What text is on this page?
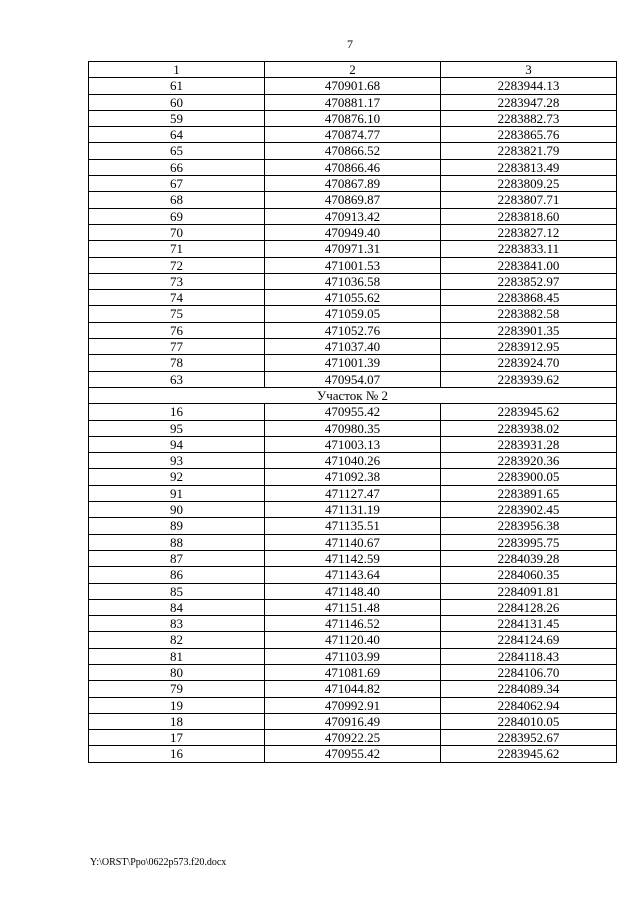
7
1	2	3
61	470901.68	2283944.13
60	470881.17	2283947.28
59	470876.10	2283882.73
64	470874.77	2283865.76
65	470866.52	2283821.79
66	470866.46	2283813.49
67	470867.89	2283809.25
68	470869.87	2283807.71
69	470913.42	2283818.60
70	470949.40	2283827.12
71	470971.31	2283833.11
72	471001.53	2283841.00
73	471036.58	2283852.97
74	471055.62	2283868.45
75	471059.05	2283882.58
76	471052.76	2283901.35
77	471037.40	2283912.95
78	471001.39	2283924.70
63	470954.07	2283939.62
Участок № 2		
16	470955.42	2283945.62
95	470980.35	2283938.02
94	471003.13	2283931.28
93	471040.26	2283920.36
92	471092.38	2283900.05
91	471127.47	2283891.65
90	471131.19	2283902.45
89	471135.51	2283956.38
88	471140.67	2283995.75
87	471142.59	2284039.28
86	471143.64	2284060.35
85	471148.40	2284091.81
84	471151.48	2284128.26
83	471146.52	2284131.45
82	471120.40	2284124.69
81	471103.99	2284118.43
80	471081.69	2284106.70
79	471044.82	2284089.34
19	470992.91	2284062.94
18	470916.49	2284010.05
17	470922.25	2283952.67
16	470955.42	2283945.62
Y:\ORST\Ppo\0622p573.f20.docx
